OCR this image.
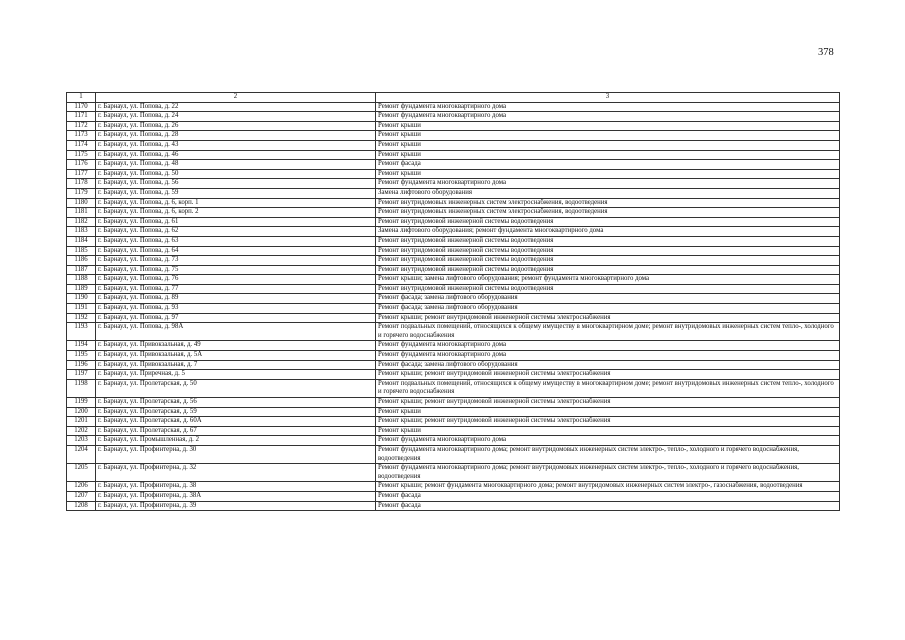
378
1	2	3
1170	г. Барнаул, ул. Попова, д. 22	Ремонт фундамента многоквартирного дома
1171	г. Барнаул, ул. Попова, д. 24	Ремонт фундамента многоквартирного дома
1172	г. Барнаул, ул. Попова, д. 26	Ремонт крыши
1173	г. Барнаул, ул. Попова, д. 28	Ремонт крыши
1174	г. Барнаул, ул. Попова, д. 43	Ремонт крыши
1175	г. Барнаул, ул. Попова, д. 46	Ремонт крыши
1176	г. Барнаул, ул. Попова, д. 48	Ремонт фасада
1177	г. Барнаул, ул. Попова, д. 50	Ремонт крыши
1178	г. Барнаул, ул. Попова, д. 56	Ремонт фундамента многоквартирного дома
1179	г. Барнаул, ул. Попова, д. 59	Замена лифтового оборудования
1180	г. Барнаул, ул. Попова, д. 6, корп. 1	Ремонт внутридомовых инженерных систем электроснабжения, водоотведения
1181	г. Барнаул, ул. Попова, д. 6, корп. 2	Ремонт внутридомовых инженерных систем электроснабжения, водоотведения
1182	г. Барнаул, ул. Попова, д. 61	Ремонт внутридомовой инженерной системы водоотведения
1183	г. Барнаул, ул. Попова, д. 62	Замена лифтового оборудования; ремонт фундамента многоквартирного дома
1184	г. Барнаул, ул. Попова, д. 63	Ремонт внутридомовой инженерной системы водоотведения
1185	г. Барнаул, ул. Попова, д. 64	Ремонт внутридомовой инженерной системы водоотведения
1186	г. Барнаул, ул. Попова, д. 73	Ремонт внутридомовой инженерной системы водоотведения
1187	г. Барнаул, ул. Попова, д. 75	Ремонт внутридомовой инженерной системы водоотведения
1188	г. Барнаул, ул. Попова, д. 76	Ремонт крыши; замена лифтового оборудования; ремонт фундамента многоквартирного дома
1189	г. Барнаул, ул. Попова, д. 77	Ремонт внутридомовой инженерной системы водоотведения
1190	г. Барнаул, ул. Попова, д. 89	Ремонт фасада; замена лифтового оборудования
1191	г. Барнаул, ул. Попова, д. 93	Ремонт фасада; замена лифтового оборудования
1192	г. Барнаул, ул. Попова, д. 97	Ремонт крыши; ремонт внутридомовой инженерной системы электроснабжения
1193	г. Барнаул, ул. Попова, д. 98А	Ремонт подвальных помещений, относящихся к общему имуществу в многоквартирном доме; ремонт внутридомовых инженерных систем тепло-, холодного и горячего водоснабжения
1194	г. Барнаул, ул. Привокзальная, д. 49	Ремонт фундамента многоквартирного дома
1195	г. Барнаул, ул. Привокзальная, д. 5А	Ремонт фундамента многоквартирного дома
1196	г. Барнаул, ул. Привокзальная, д. 7	Ремонт фасада; замена лифтового оборудования
1197	г. Барнаул, ул. Приречная, д. 5	Ремонт крыши; ремонт внутридомовой инженерной системы электроснабжения
1198	г. Барнаул, ул. Пролетарская, д. 50	Ремонт подвальных помещений, относящихся к общему имуществу в многоквартирном доме; ремонт внутридомовых инженерных систем тепло-, холодного и горячего водоснабжения
1199	г. Барнаул, ул. Пролетарская, д. 56	Ремонт крыши; ремонт внутридомовой инженерной системы электроснабжения
1200	г. Барнаул, ул. Пролетарская, д. 59	Ремонт крыши
1201	г. Барнаул, ул. Пролетарская, д. 60А	Ремонт крыши; ремонт внутридомовой инженерной системы электроснабжения
1202	г. Барнаул, ул. Пролетарская, д. 67	Ремонт крыши
1203	г. Барнаул, ул. Промышленная, д. 2	Ремонт фундамента многоквартирного дома
1204	г. Барнаул, ул. Профинтерна, д. 30	Ремонт фундамента многоквартирного дома; ремонт внутридомовых инженерных систем электро-, тепло-, холодного и горячего водоснабжения, водоотведения
1205	г. Барнаул, ул. Профинтерна, д. 32	Ремонт фундамента многоквартирного дома; ремонт внутридомовых инженерных систем электро-, тепло-, холодного и горячего водоснабжения, водоотведения
1206	г. Барнаул, ул. Профинтерна, д. 38	Ремонт крыши; ремонт фундамента многоквартирного дома; ремонт внутридомовых инженерных систем электро-, газоснабжения, водоотведения
1207	г. Барнаул, ул. Профинтерна, д. 38А	Ремонт фасада
1208	г. Барнаул, ул. Профинтерна, д. 39	Ремонт фасада
